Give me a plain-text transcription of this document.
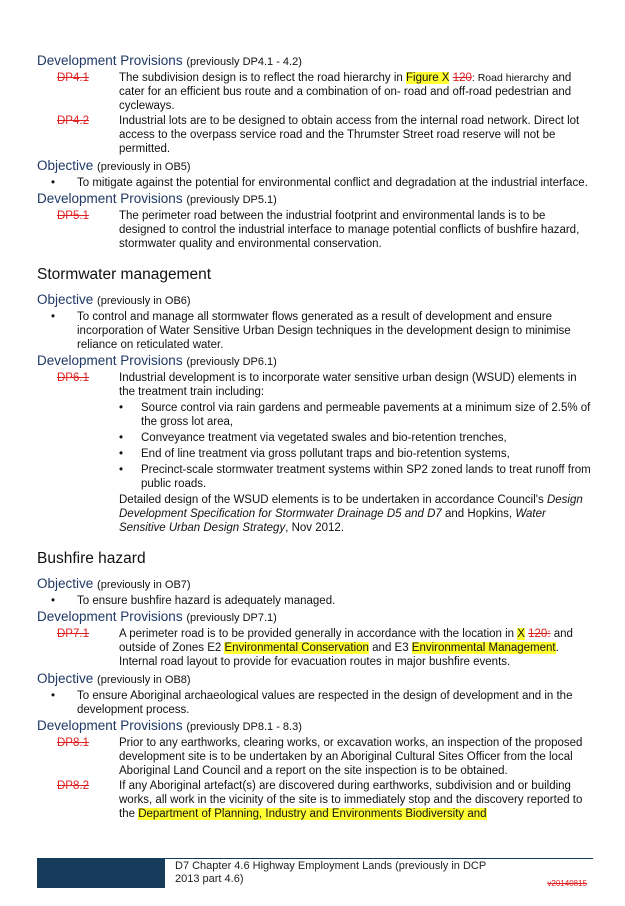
Development Provisions (previously DP4.1 - 4.2)

DP4.1	The subdivision design is to reflect the road hierarchy in Figure X 120: Road hierarchy and cater for an efficient bus route and a combination of on- road and off-road pedestrian and cycleways.
DP4.2	Industrial lots are to be designed to obtain access from the internal road network. Direct lot access to the overpass service road and the Thrumster Street road reserve will not be permitted.

Objective (previously in OB5)

•	To mitigate against the potential for environmental conflict and degradation at the industrial interface.

Development Provisions (previously DP5.1)

DP5.1	The perimeter road between the industrial footprint and environmental lands is to be designed to control the industrial interface to manage potential conflicts of bushfire hazard, stormwater quality and environmental conservation.
Stormwater management

Objective (previously in OB6)

•	To control and manage all stormwater flows generated as a result of development and ensure incorporation of Water Sensitive Urban Design techniques in the development design to minimise reliance on reticulated water.

Development Provisions (previously DP6.1)

DP6.1	Industrial development is to incorporate water sensitive urban design (WSUD) elements in the treatment train including:
•	Source control via rain gardens and permeable pavements at a minimum size of 2.5% of the gross lot area,
•	Conveyance treatment via vegetated swales and bio-retention trenches,
•	End of line treatment via gross pollutant traps and bio-retention systems,
•	Precinct-scale stormwater treatment systems within SP2 zoned lands to treat runoff from public roads.
Detailed design of the WSUD elements is to be undertaken in accordance Council's Design Development Specification for Stormwater Drainage D5 and D7 and Hopkins, Water Sensitive Urban Design Strategy, Nov 2012.
Bushfire hazard

Objective (previously in OB7)

•	To ensure bushfire hazard is adequately managed.

Development Provisions (previously DP7.1)

DP7.1	A perimeter road is to be provided generally in accordance with the location in X 120: and outside of Zones E2 Environmental Conservation and E3 Environmental Management. Internal road layout to provide for evacuation routes in major bushfire events.

Objective (previously in OB8)

•	To ensure Aboriginal archaeological values are respected in the design of development and in the development process.

Development Provisions (previously DP8.1 - 8.3)

DP8.1	Prior to any earthworks, clearing works, or excavation works, an inspection of the proposed development site is to be undertaken by an Aboriginal Cultural Sites Officer from the local Aboriginal Land Council and a report on the site inspection is to be obtained.
DP8.2	If any Aboriginal artefact(s) are discovered during earthworks, subdivision and or building works, all work in the vicinity of the site is to immediately stop and the discovery reported to the Department of Planning, Industry and Environments Biodiversity and
D7 Chapter 4.6 Highway Employment Lands (previously in DCP 2013 part 4.6)	v20140815
